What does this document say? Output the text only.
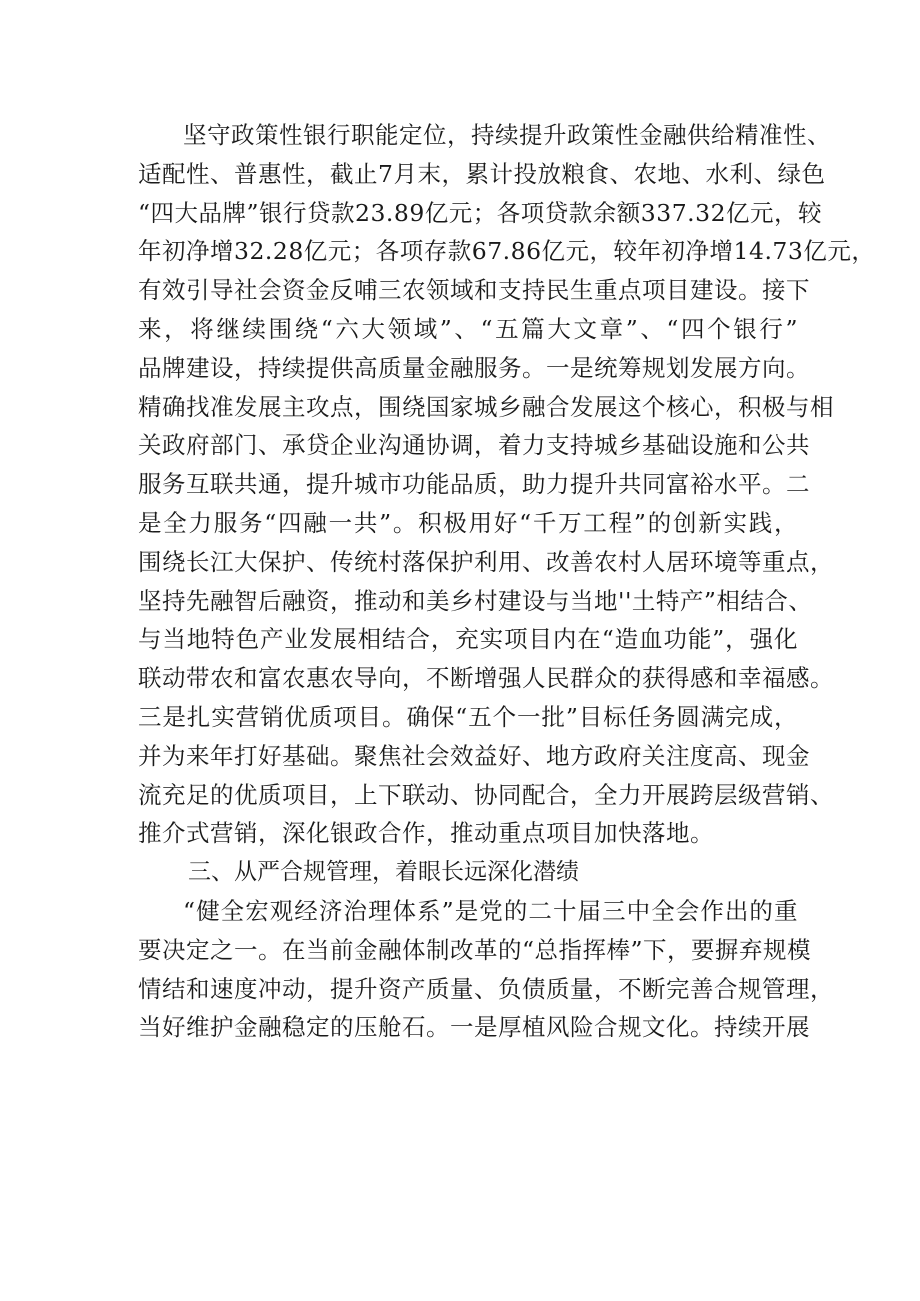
坚守政策性银行职能定位，持续提升政策性金融供给精准性、
适配性、普惠性，截止7月末，累计投放粮食、农地、水利、绿色
“四大品牌”银行贷款23.89亿元；各项贷款余额337.32亿元，较
年初净增32.28亿元；各项存款67.86亿元，较年初净增14.73亿元，
有效引导社会资金反哺三农领域和支持民生重点项目建设。接下
来，将继续围绕“六大领域”、“五篇大文章”、“四个银行”
品牌建设，持续提供高质量金融服务。一是统筹规划发展方向。
精确找准发展主攻点，围绕国家城乡融合发展这个核心，积极与相
关政府部门、承贷企业沟通协调，着力支持城乡基础设施和公共
服务互联共通，提升城市功能品质，助力提升共同富裕水平。二
是全力服务“四融一共”。积极用好“千万工程”的创新实践，
围绕长江大保护、传统村落保护利用、改善农村人居环境等重点，
坚持先融智后融资，推动和美乡村建设与当地''土特产”相结合、
与当地特色产业发展相结合，充实项目内在“造血功能”，强化
联动带农和富农惠农导向，不断增强人民群众的获得感和幸福感。
三是扎实营销优质项目。确保“五个一批”目标任务圆满完成，
并为来年打好基础。聚焦社会效益好、地方政府关注度高、现金
流充足的优质项目，上下联动、协同配合，全力开展跨层级营销、
推介式营销，深化银政合作，推动重点项目加快落地。
三、从严合规管理，着眼长远深化潜绩
“健全宏观经济治理体系”是党的二十届三中全会作出的重
要决定之一。在当前金融体制改革的“总指挥棒”下，要摒弃规模
情结和速度冲动，提升资产质量、负债质量，不断完善合规管理，
当好维护金融稳定的压舱石。一是厚植风险合规文化。持续开展
